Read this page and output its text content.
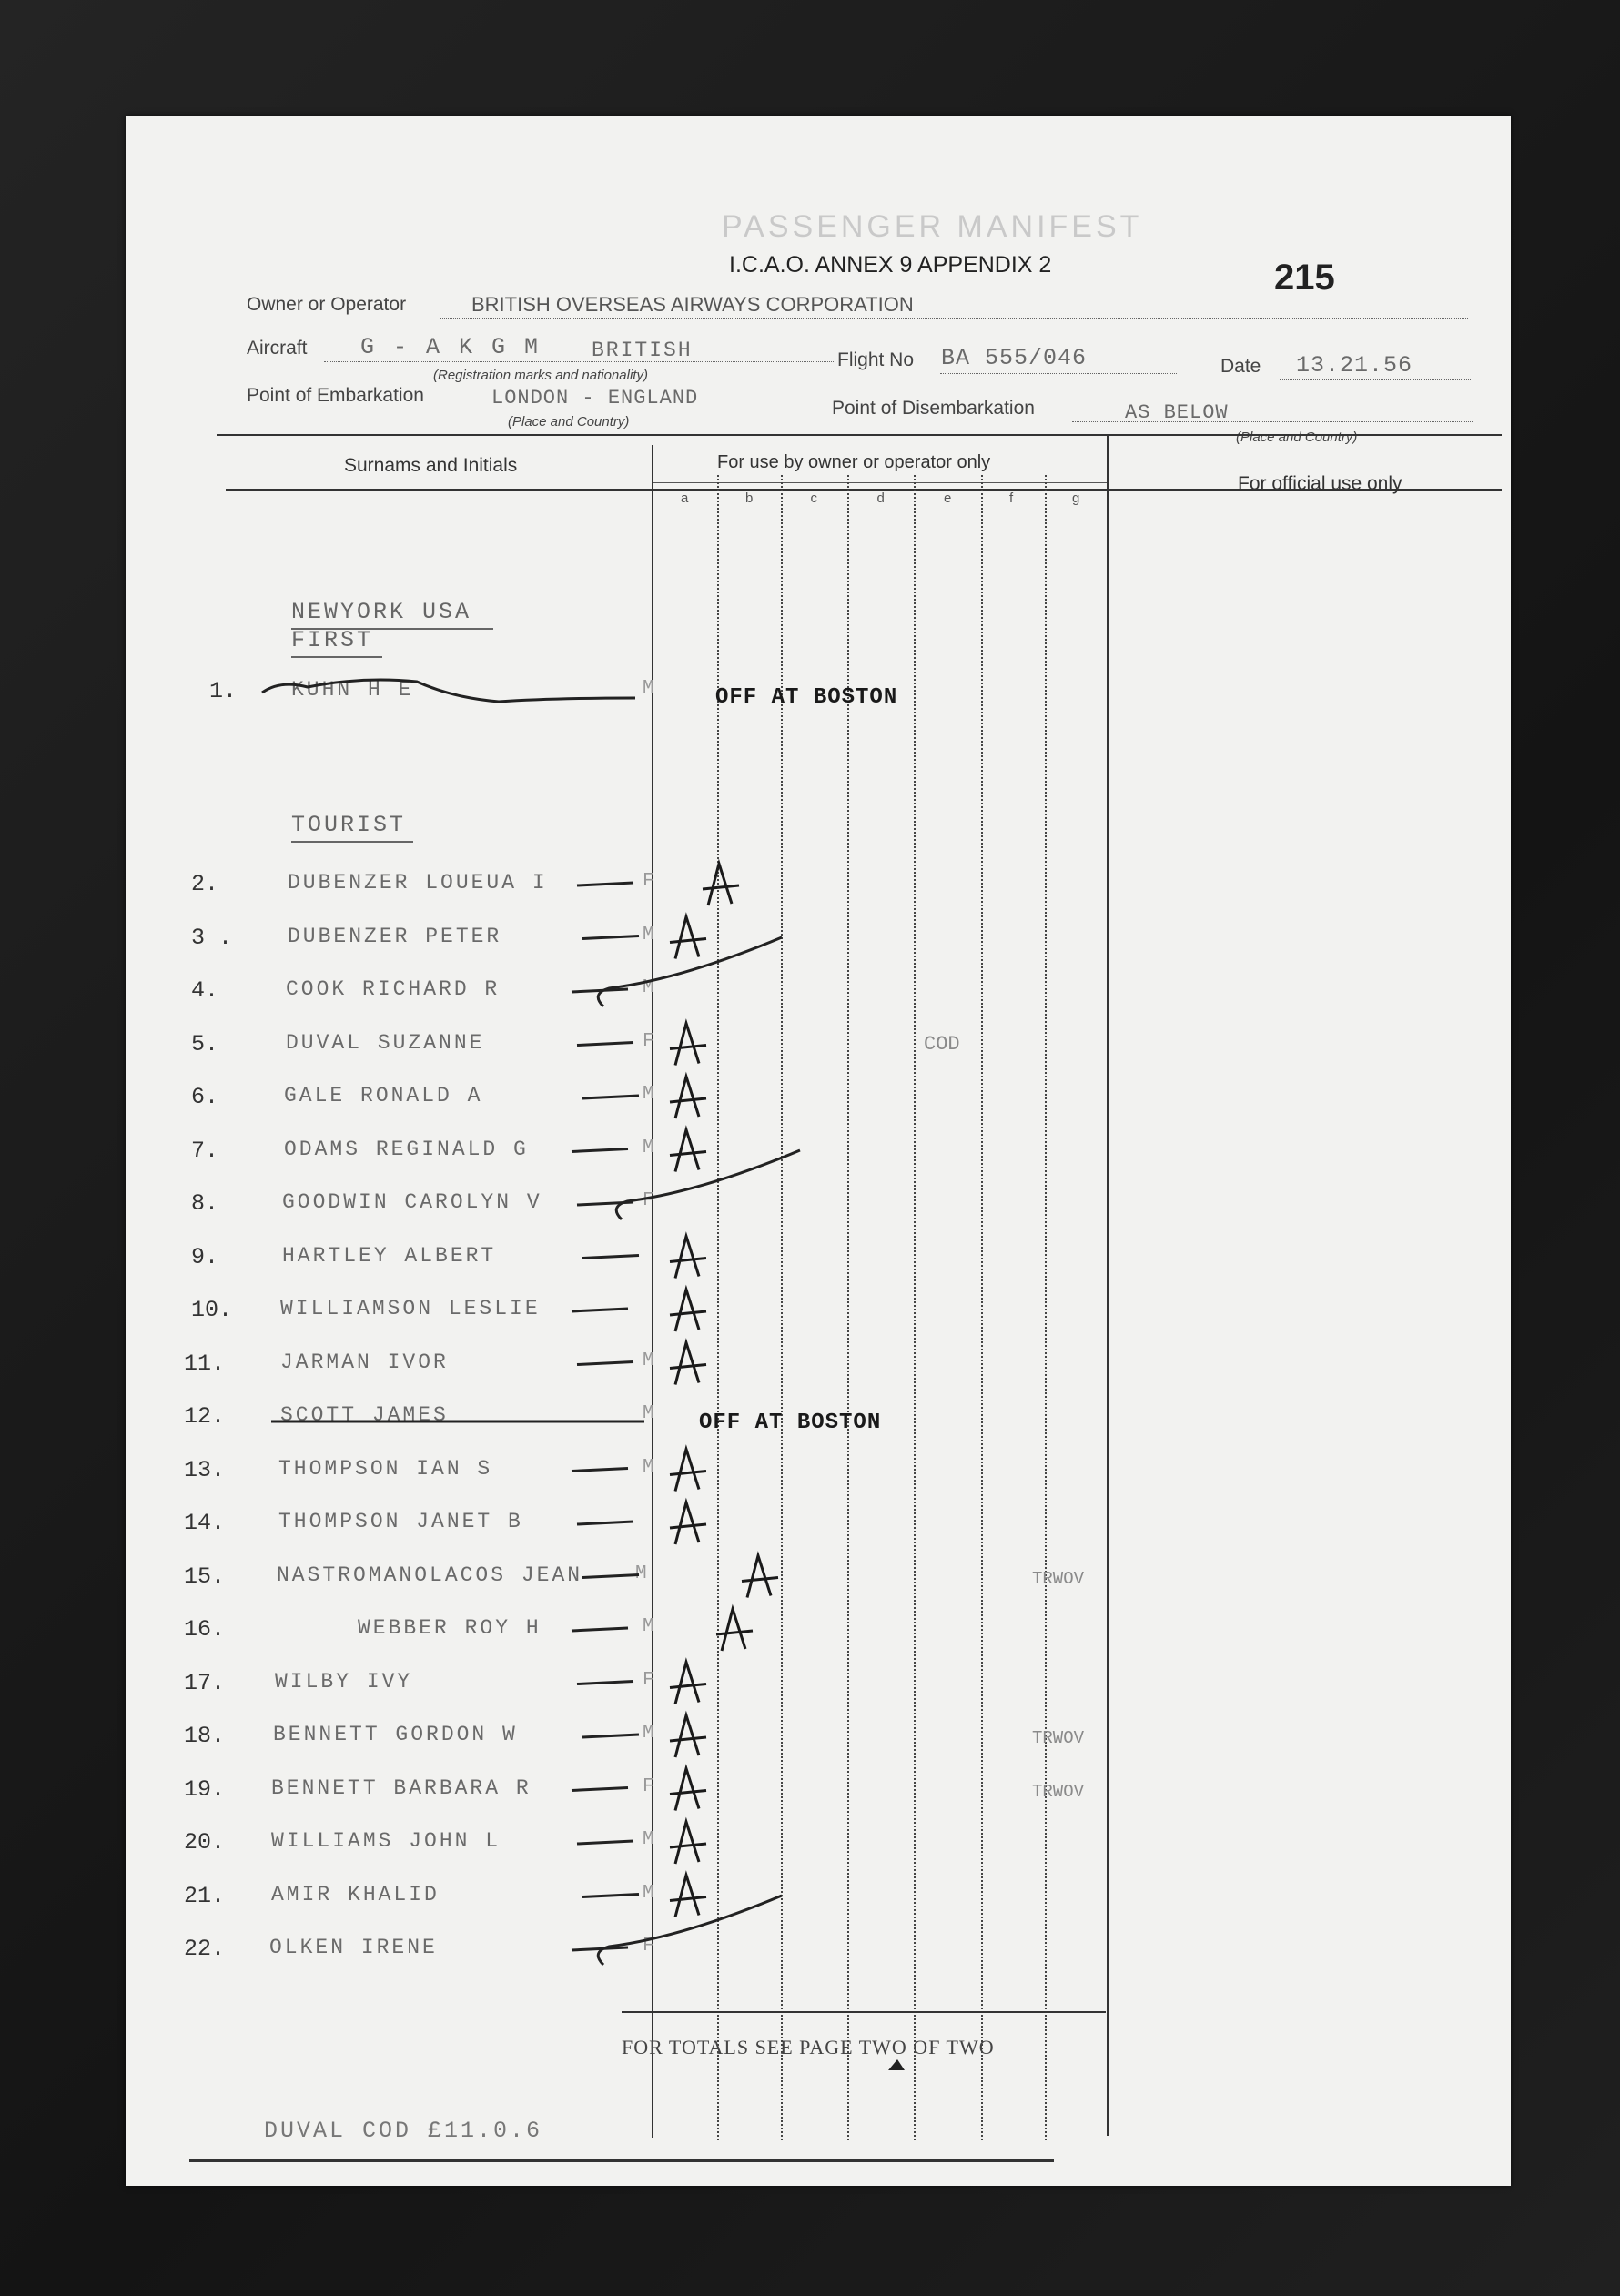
PASSENGER MANIFEST
I.C.A.O. ANNEX 9 APPENDIX 2	215
Owner or Operator	BRITISH OVERSEAS AIRWAYS CORPORATION
Aircraft G - A K G M BRITISH
(Registration marks and nationality)
Flight No BA 555/046	Date 13.21.56
Point of Embarkation	LONDON - ENGLAND
(Place and Country)
Point of Disembarkation	AS BELOW
(Place and Country)
Surnams and Initials	For use by owner or operator only
For official use only
a	b	c	d	e	f	g
NEWYORK USA
FIRST
TOURIST
1.	KUHN H E	M	OFF AT BOSTON
2.	DUBENZER LOUEUA I	F
3 .	DUBENZER PETER	M
4.	COOK RICHARD R	M
5.	DUVAL SUZANNE	F	COD
6.	GALE RONALD A	M
7.	ODAMS REGINALD G	M
8.	GOODWIN CAROLYN V	F
9.	HARTLEY ALBERT
10. WILLIAMSON LESLIE
11.	JARMAN IVOR	M
12.	SCOTT JAMES	M OFF AT BOSTON
13.	THOMPSON IAN S	M
14.	THOMPSON JANET B
15. NASTROMANOLACOS JEAN	M	TRWOV
16.	WEBBER ROY H	M
17. WILBY IVY	F
18. BENNETT GORDON W	M	TRWOV
19. BENNETT BARBARA R	F	TRWOV
20. WILLIAMS JOHN L	M
21. AMIR KHALID	M
22. OLKEN IRENE	F
FOR TOTALS SEE PAGE TWO OF TWO
DUVAL COD £11.0.6
